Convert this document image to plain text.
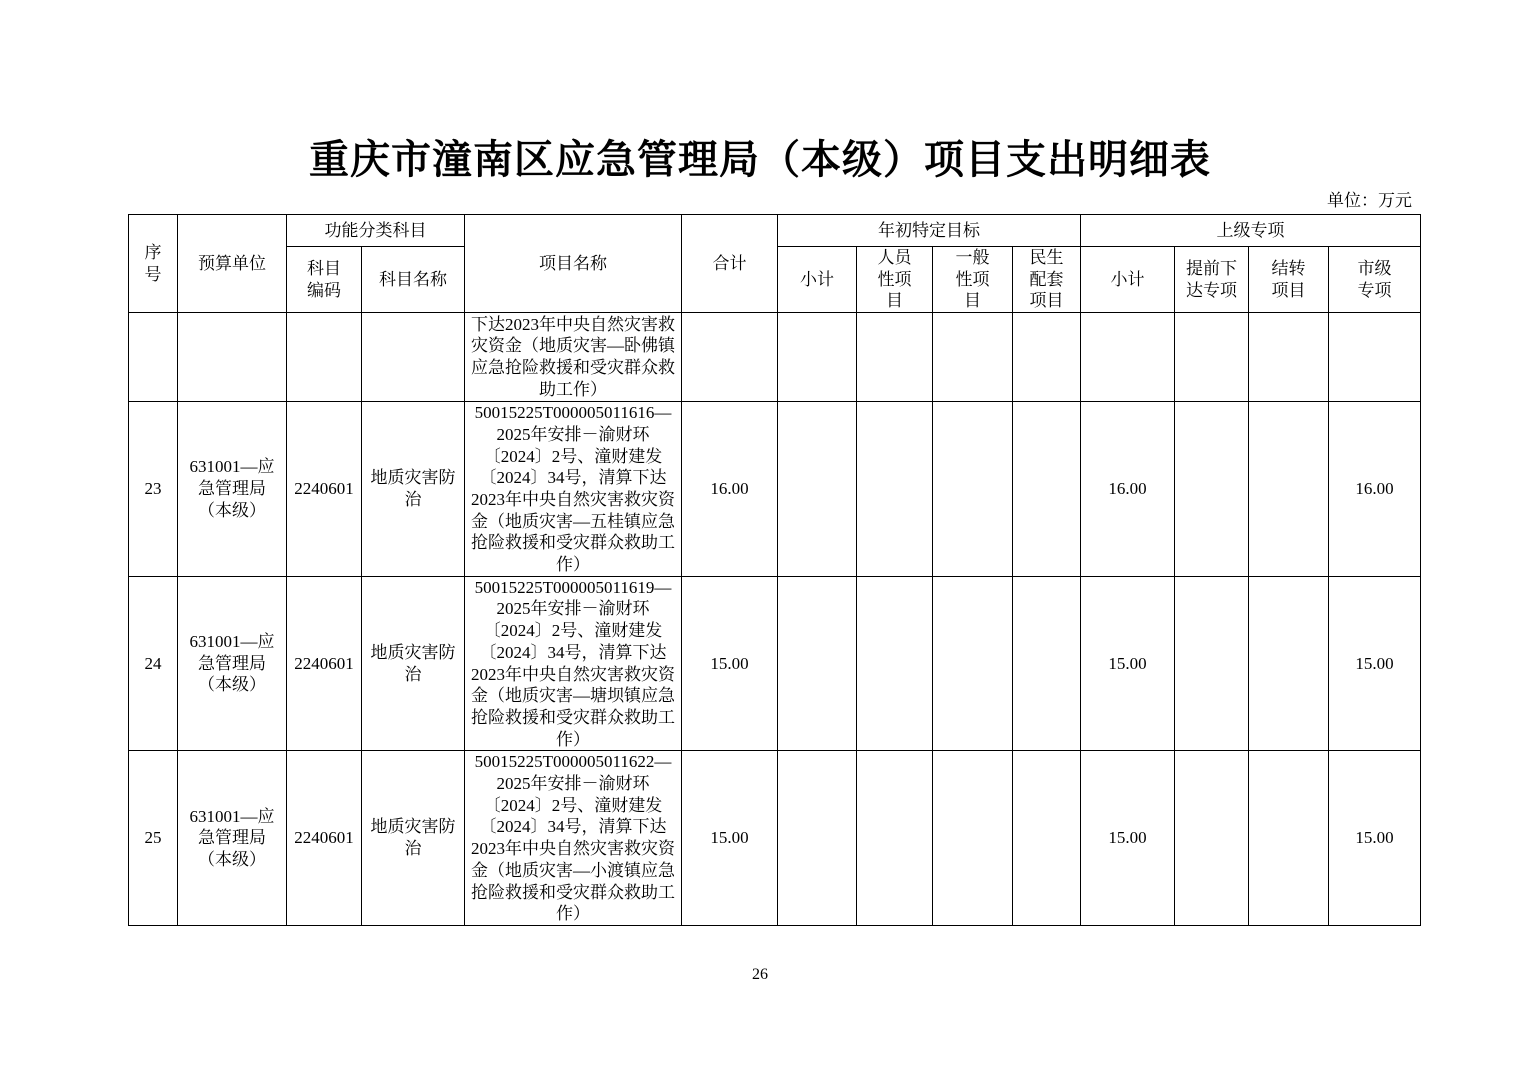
重庆市潼南区应急管理局（本级）项目支出明细表
单位：万元
序号	预算单位	功能分类科目		项目名称	合计	年初特定目标				上级专项			
		科目编码	科目名称			小计	人员性项目	一般性项目	民生配套项目	小计	提前下达专项	结转项目	市级专项
				下达2023年中央自然灾害救灾资金（地质灾害—卧佛镇应急抢险救援和受灾群众救助工作）									
23	631001—应急管理局（本级）	2240601	地质灾害防治	50015225T000005011616—2025年安排－渝财环〔2024〕2号、潼财建发〔2024〕34号，清算下达2023年中央自然灾害救灾资金（地质灾害—五桂镇应急抢险救援和受灾群众救助工作）	16.00					16.00			16.00
24	631001—应急管理局（本级）	2240601	地质灾害防治	50015225T000005011619—2025年安排－渝财环〔2024〕2号、潼财建发〔2024〕34号，清算下达2023年中央自然灾害救灾资金（地质灾害—塘坝镇应急抢险救援和受灾群众救助工作）	15.00					15.00			15.00
25	631001—应急管理局（本级）	2240601	地质灾害防治	50015225T000005011622—2025年安排－渝财环〔2024〕2号、潼财建发〔2024〕34号，清算下达2023年中央自然灾害救灾资金（地质灾害—小渡镇应急抢险救援和受灾群众救助工作）	15.00					15.00			15.00
26
